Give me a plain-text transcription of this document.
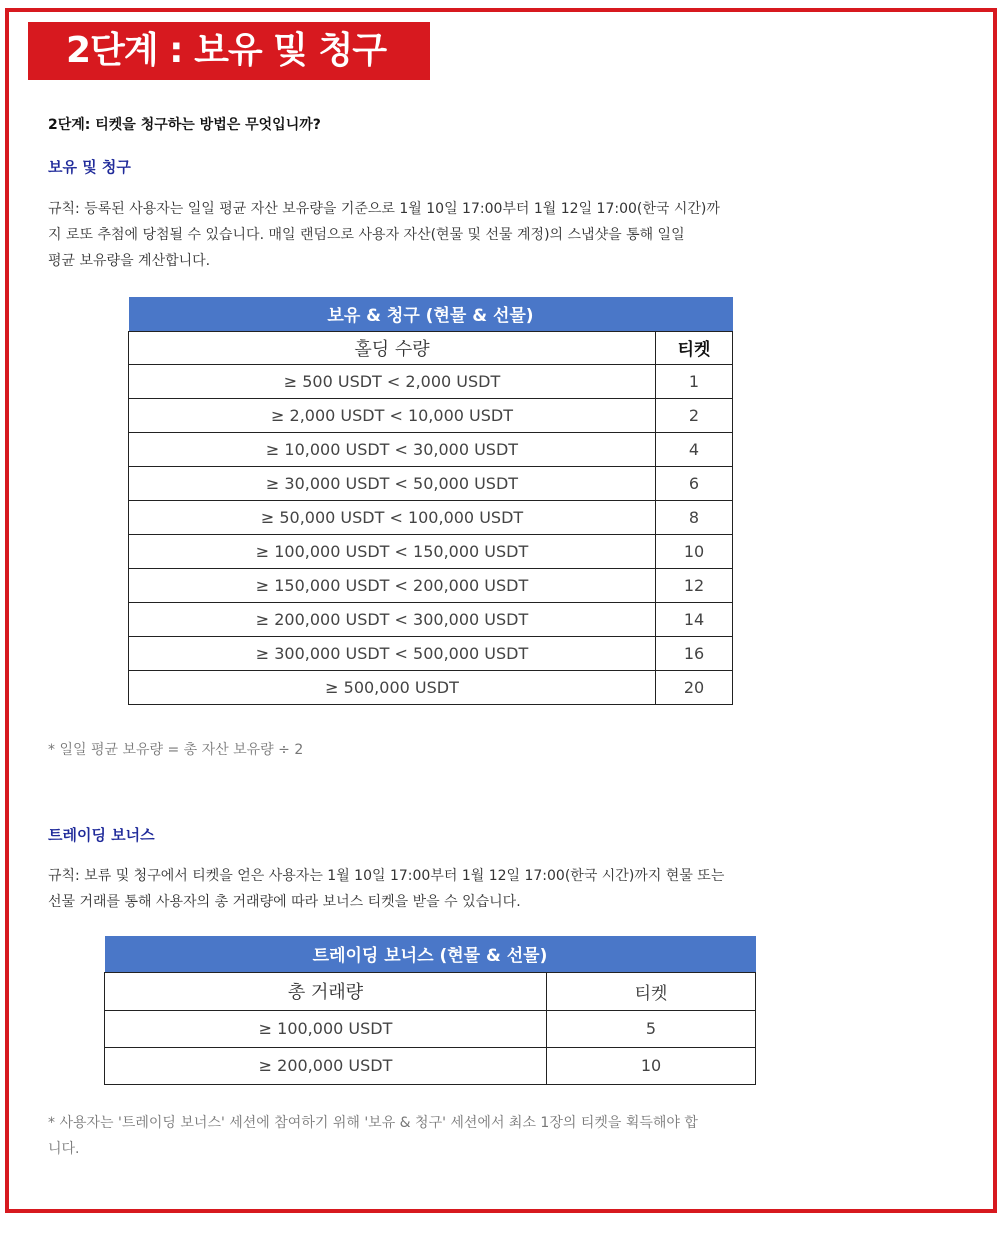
2단계 : 보유 및 청구
2단계: 티켓을 청구하는 방법은 무엇입니까?
보유 및 청구
규칙: 등록된 사용자는 일일 평균 자산 보유량을 기준으로 1월 10일 17:00부터 1월 12일 17:00(한국 시간)까
지 로또 추첨에 당첨될 수 있습니다. 매일 랜덤으로 사용자 자산(현물 및 선물 계정)의 스냅샷을 통해 일일
평균 보유량을 계산합니다.
보유 & 청구 (현물 & 선물)	
홀딩 수량	티켓
≥ 500 USDT < 2,000 USDT	1
≥ 2,000 USDT < 10,000 USDT	2
≥ 10,000 USDT < 30,000 USDT	4
≥ 30,000 USDT < 50,000 USDT	6
≥ 50,000 USDT < 100,000 USDT	8
≥ 100,000 USDT < 150,000 USDT	10
≥ 150,000 USDT < 200,000 USDT	12
≥ 200,000 USDT < 300,000 USDT	14
≥ 300,000 USDT < 500,000 USDT	16
≥ 500,000 USDT	20
* 일일 평균 보유량 = 총 자산 보유량 ÷ 2
트레이딩 보너스
규칙: 보류 및 청구에서 티켓을 얻은 사용자는 1월 10일 17:00부터 1월 12일 17:00(한국 시간)까지 현물 또는
선물 거래를 통해 사용자의 총 거래량에 따라 보너스 티켓을 받을 수 있습니다.
트레이딩 보너스 (현물 & 선물)	
총 거래량	티켓
≥ 100,000 USDT	5
≥ 200,000 USDT	10
* 사용자는 '트레이딩 보너스' 세션에 참여하기 위해 '보유 & 청구' 세션에서 최소 1장의 티켓을 획득해야 합
니다.
